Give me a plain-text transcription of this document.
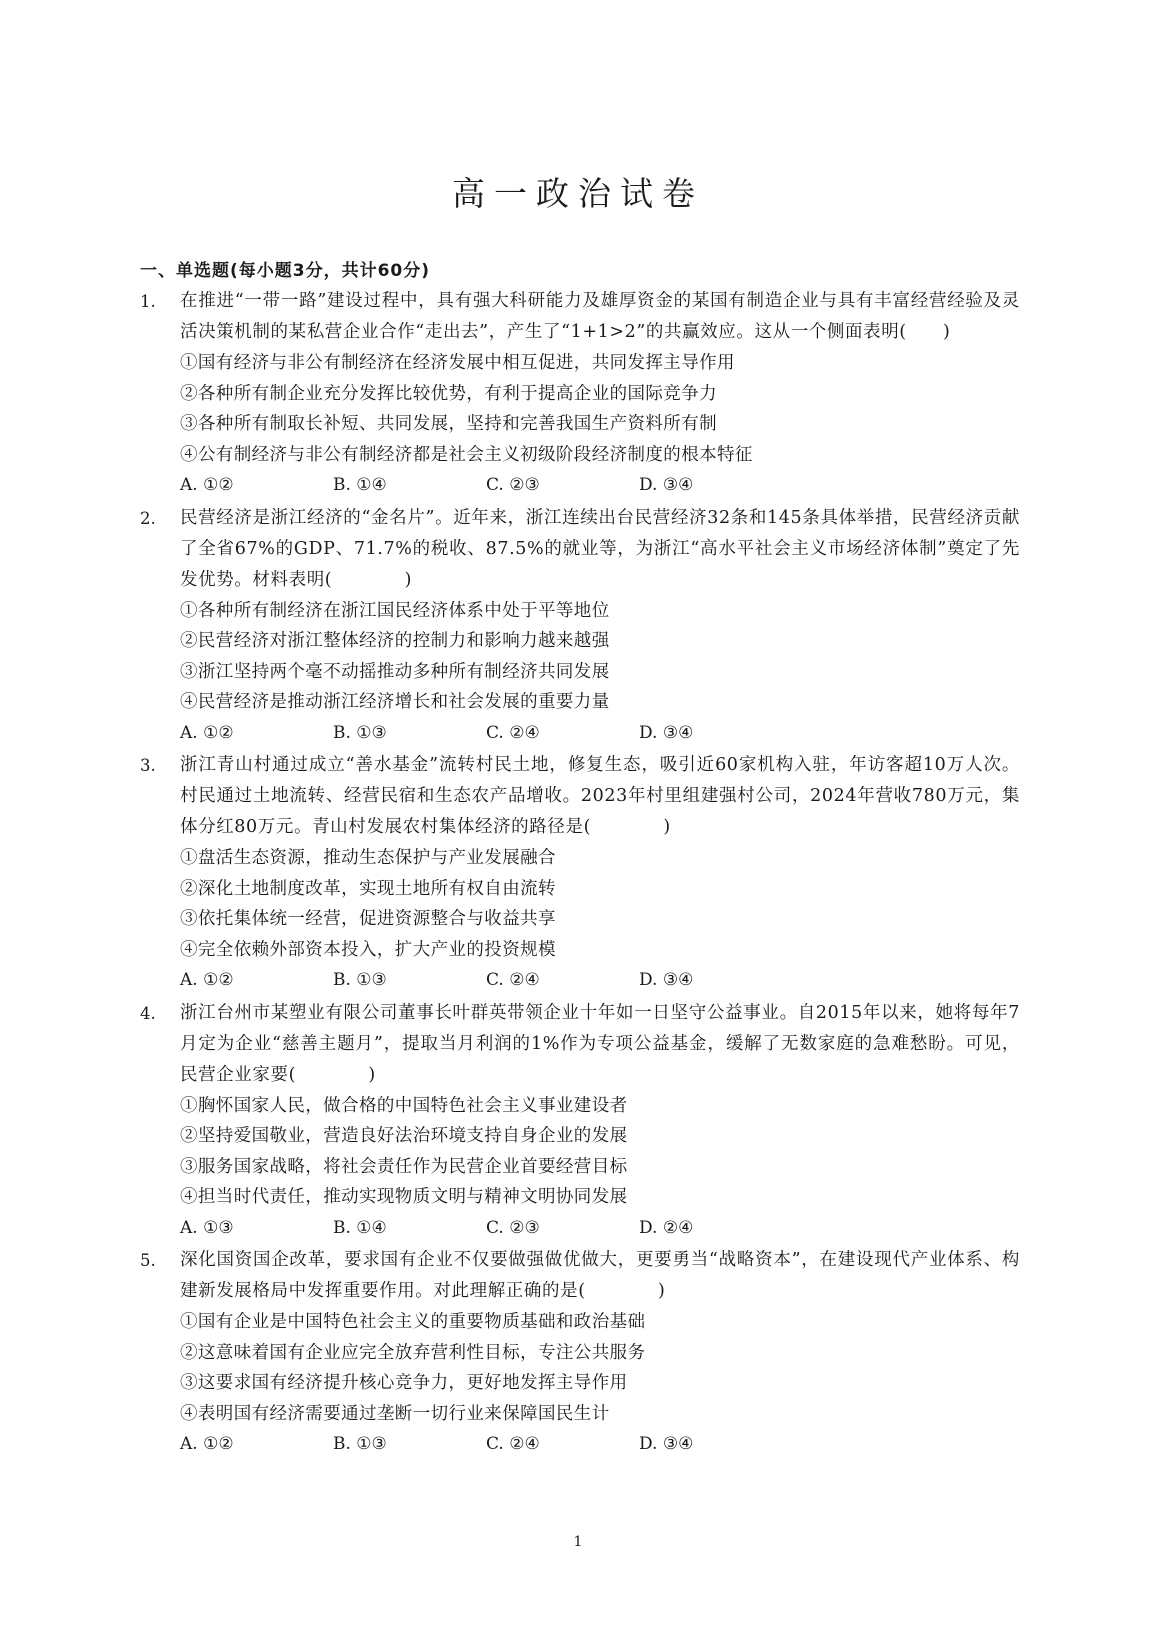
高一政治试卷
一、单选题(每小题3分，共计60分)
1.	在推进“一带一路”建设过程中，具有强大科研能力及雄厚资金的某国有制造企业与具有丰富经营经验及灵活决策机制的某私营企业合作“走出去”，产生了“1+1>2”的共赢效应。这从一个侧面表明(　　)

①国有经济与非公有制经济在经济发展中相互促进，共同发挥主导作用

②各种所有制企业充分发挥比较优势，有利于提高企业的国际竞争力

③各种所有制取长补短、共同发展，坚持和完善我国生产资料所有制

④公有制经济与非公有制经济都是社会主义初级阶段经济制度的根本特征

A. ①②	B. ①④	C. ②③	D. ③④
2.	民营经济是浙江经济的“金名片”。近年来，浙江连续出台民营经济32条和145条具体举措，民营经济贡献了全省67%的GDP、71.7%的税收、87.5%的就业等，为浙江“高水平社会主义市场经济体制”奠定了先发优势。材料表明(　　　　)

①各种所有制经济在浙江国民经济体系中处于平等地位

②民营经济对浙江整体经济的控制力和影响力越来越强

③浙江坚持两个毫不动摇推动多种所有制经济共同发展

④民营经济是推动浙江经济增长和社会发展的重要力量

A. ①②	B. ①③	C. ②④	D. ③④
3.	浙江青山村通过成立“善水基金”流转村民土地，修复生态，吸引近60家机构入驻，年访客超10万人次。村民通过土地流转、经营民宿和生态农产品增收。2023年村里组建强村公司，2024年营收780万元，集体分红80万元。青山村发展农村集体经济的路径是(　　　　)

①盘活生态资源，推动生态保护与产业发展融合

②深化土地制度改革，实现土地所有权自由流转

③依托集体统一经营，促进资源整合与收益共享

④完全依赖外部资本投入，扩大产业的投资规模

A. ①②	B. ①③	C. ②④	D. ③④
4.	浙江台州市某塑业有限公司董事长叶群英带领企业十年如一日坚守公益事业。自2015年以来，她将每年7月定为企业“慈善主题月”，提取当月利润的1%作为专项公益基金，缓解了无数家庭的急难愁盼。可见，民营企业家要(　　　　)

①胸怀国家人民，做合格的中国特色社会主义事业建设者

②坚持爱国敬业，营造良好法治环境支持自身企业的发展

③服务国家战略，将社会责任作为民营企业首要经营目标

④担当时代责任，推动实现物质文明与精神文明协同发展

A. ①③	B. ①④	C. ②③	D. ②④
5.	深化国资国企改革，要求国有企业不仅要做强做优做大，更要勇当“战略资本”，在建设现代产业体系、构建新发展格局中发挥重要作用。对此理解正确的是(　　　　)

①国有企业是中国特色社会主义的重要物质基础和政治基础

②这意味着国有企业应完全放弃营利性目标，专注公共服务

③这要求国有经济提升核心竞争力，更好地发挥主导作用

④表明国有经济需要通过垄断一切行业来保障国民生计

A. ①②	B. ①③	C. ②④	D. ③④
1
